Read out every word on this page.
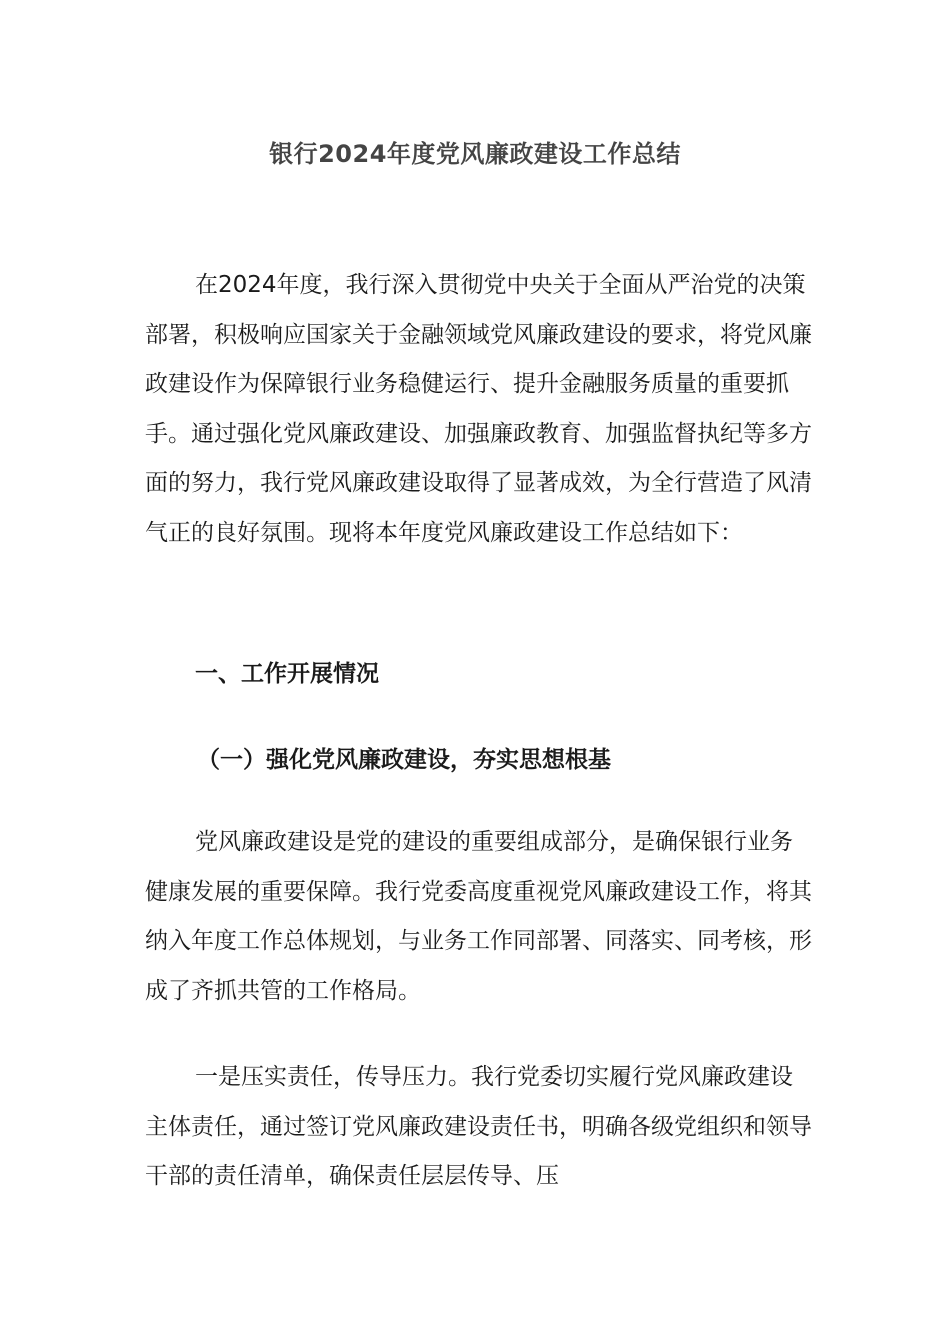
银行2024年度党风廉政建设工作总结

在2024年度，我行深入贯彻党中央关于全面从严治党的决策部署，积极响应国家关于金融领域党风廉政建设的要求，将党风廉政建设作为保障银行业务稳健运行、提升金融服务质量的重要抓手。通过强化党风廉政建设、加强廉政教育、加强监督执纪等多方面的努力，我行党风廉政建设取得了显著成效，为全行营造了风清气正的良好氛围。现将本年度党风廉政建设工作总结如下：

一、工作开展情况
（一）强化党风廉政建设，夯实思想根基

党风廉政建设是党的建设的重要组成部分，是确保银行业务健康发展的重要保障。我行党委高度重视党风廉政建设工作，将其纳入年度工作总体规划，与业务工作同部署、同落实、同考核，形成了齐抓共管的工作格局。

一是压实责任，传导压力。我行党委切实履行党风廉政建设主体责任，通过签订党风廉政建设责任书，明确各级党组织和领导干部的责任清单，确保责任层层传导、压
